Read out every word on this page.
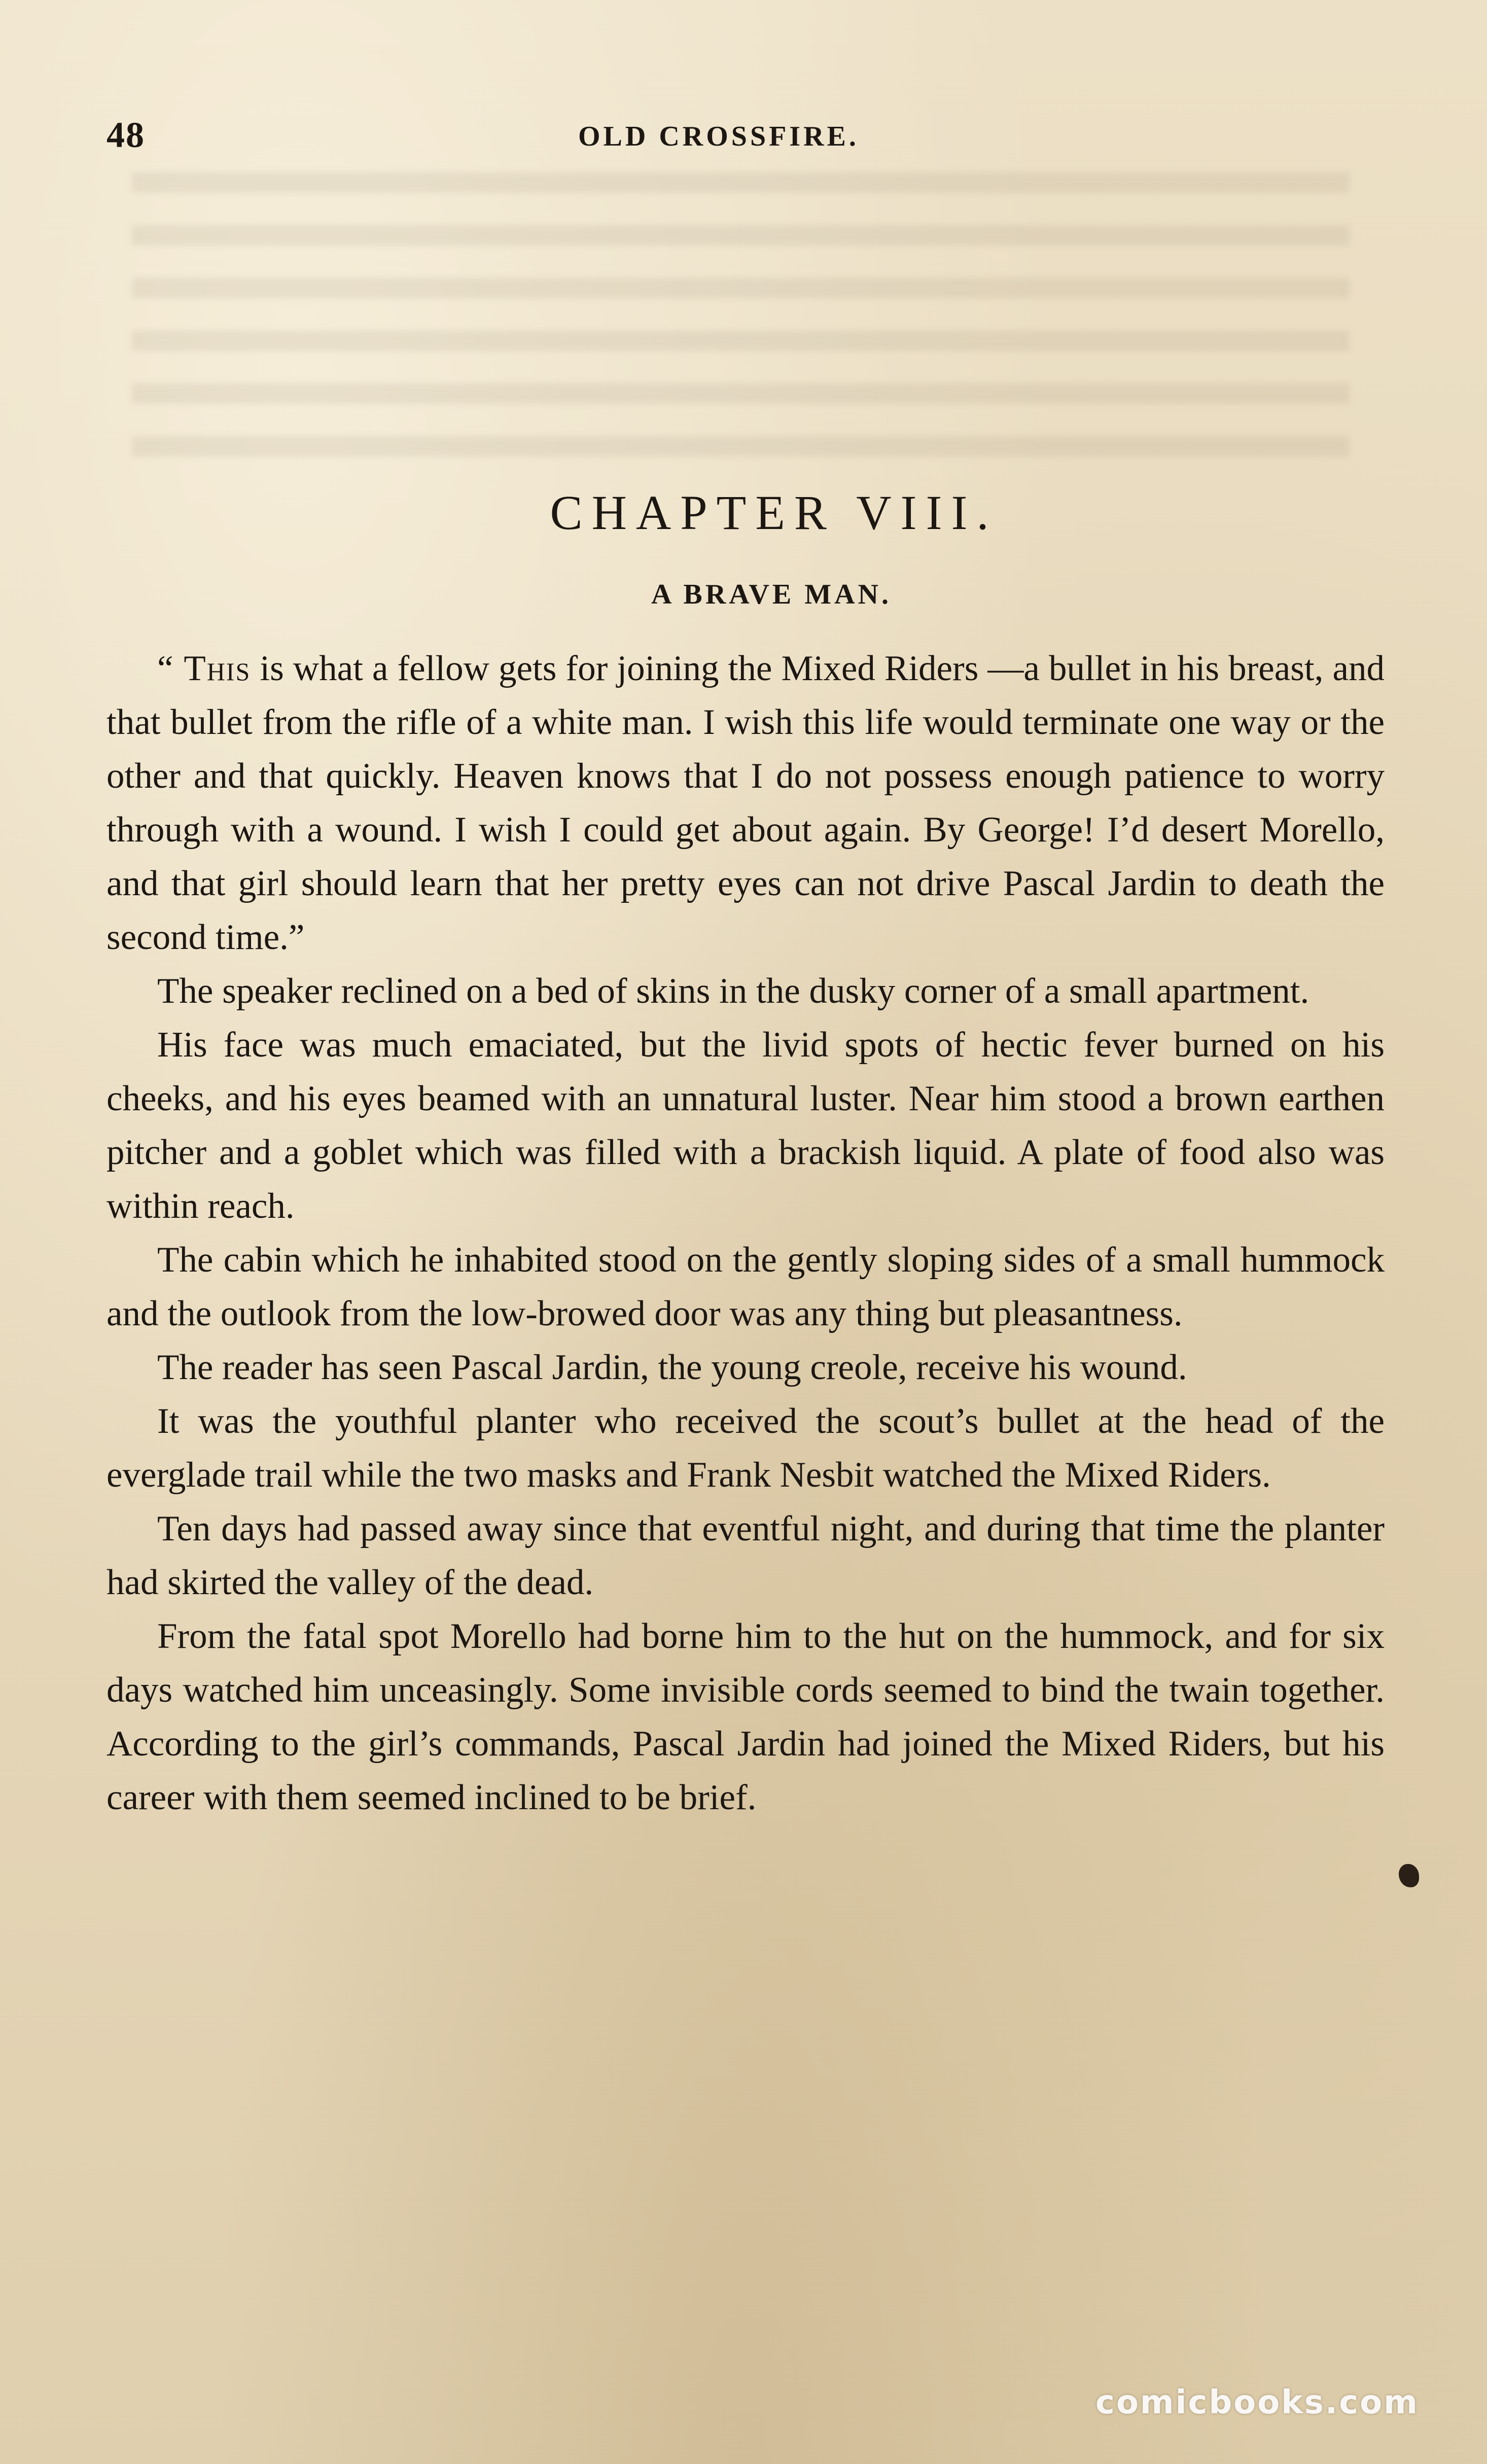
48	OLD CROSSFIRE.
CHAPTER VIII.
A BRAVE MAN.

“ This is what a fellow gets for joining the Mixed Riders —a bullet in his breast, and that bullet from the rifle of a white man. I wish this life would terminate one way or the other and that quickly. Heaven knows that I do not possess enough patience to worry through with a wound. I wish I could get about again. By George! I’d desert Morello, and that girl should learn that her pretty eyes can not drive Pascal Jardin to death the second time.”

The speaker reclined on a bed of skins in the dusky corner of a small apartment.

His face was much emaciated, but the livid spots of hectic fever burned on his cheeks, and his eyes beamed with an unnatural luster. Near him stood a brown earthen pitcher and a goblet which was filled with a brackish liquid. A plate of food also was within reach.

The cabin which he inhabited stood on the gently sloping sides of a small hummock and the outlook from the low-browed door was any thing but pleasantness.

The reader has seen Pascal Jardin, the young creole, receive his wound.

It was the youthful planter who received the scout’s bullet at the head of the everglade trail while the two masks and Frank Nesbit watched the Mixed Riders.

Ten days had passed away since that eventful night, and during that time the planter had skirted the valley of the dead.

From the fatal spot Morello had borne him to the hut on the hummock, and for six days watched him unceasingly. Some invisible cords seemed to bind the twain together. According to the girl’s commands, Pascal Jardin had joined the Mixed Riders, but his career with them seemed inclined to be brief.

comicbooks.com
